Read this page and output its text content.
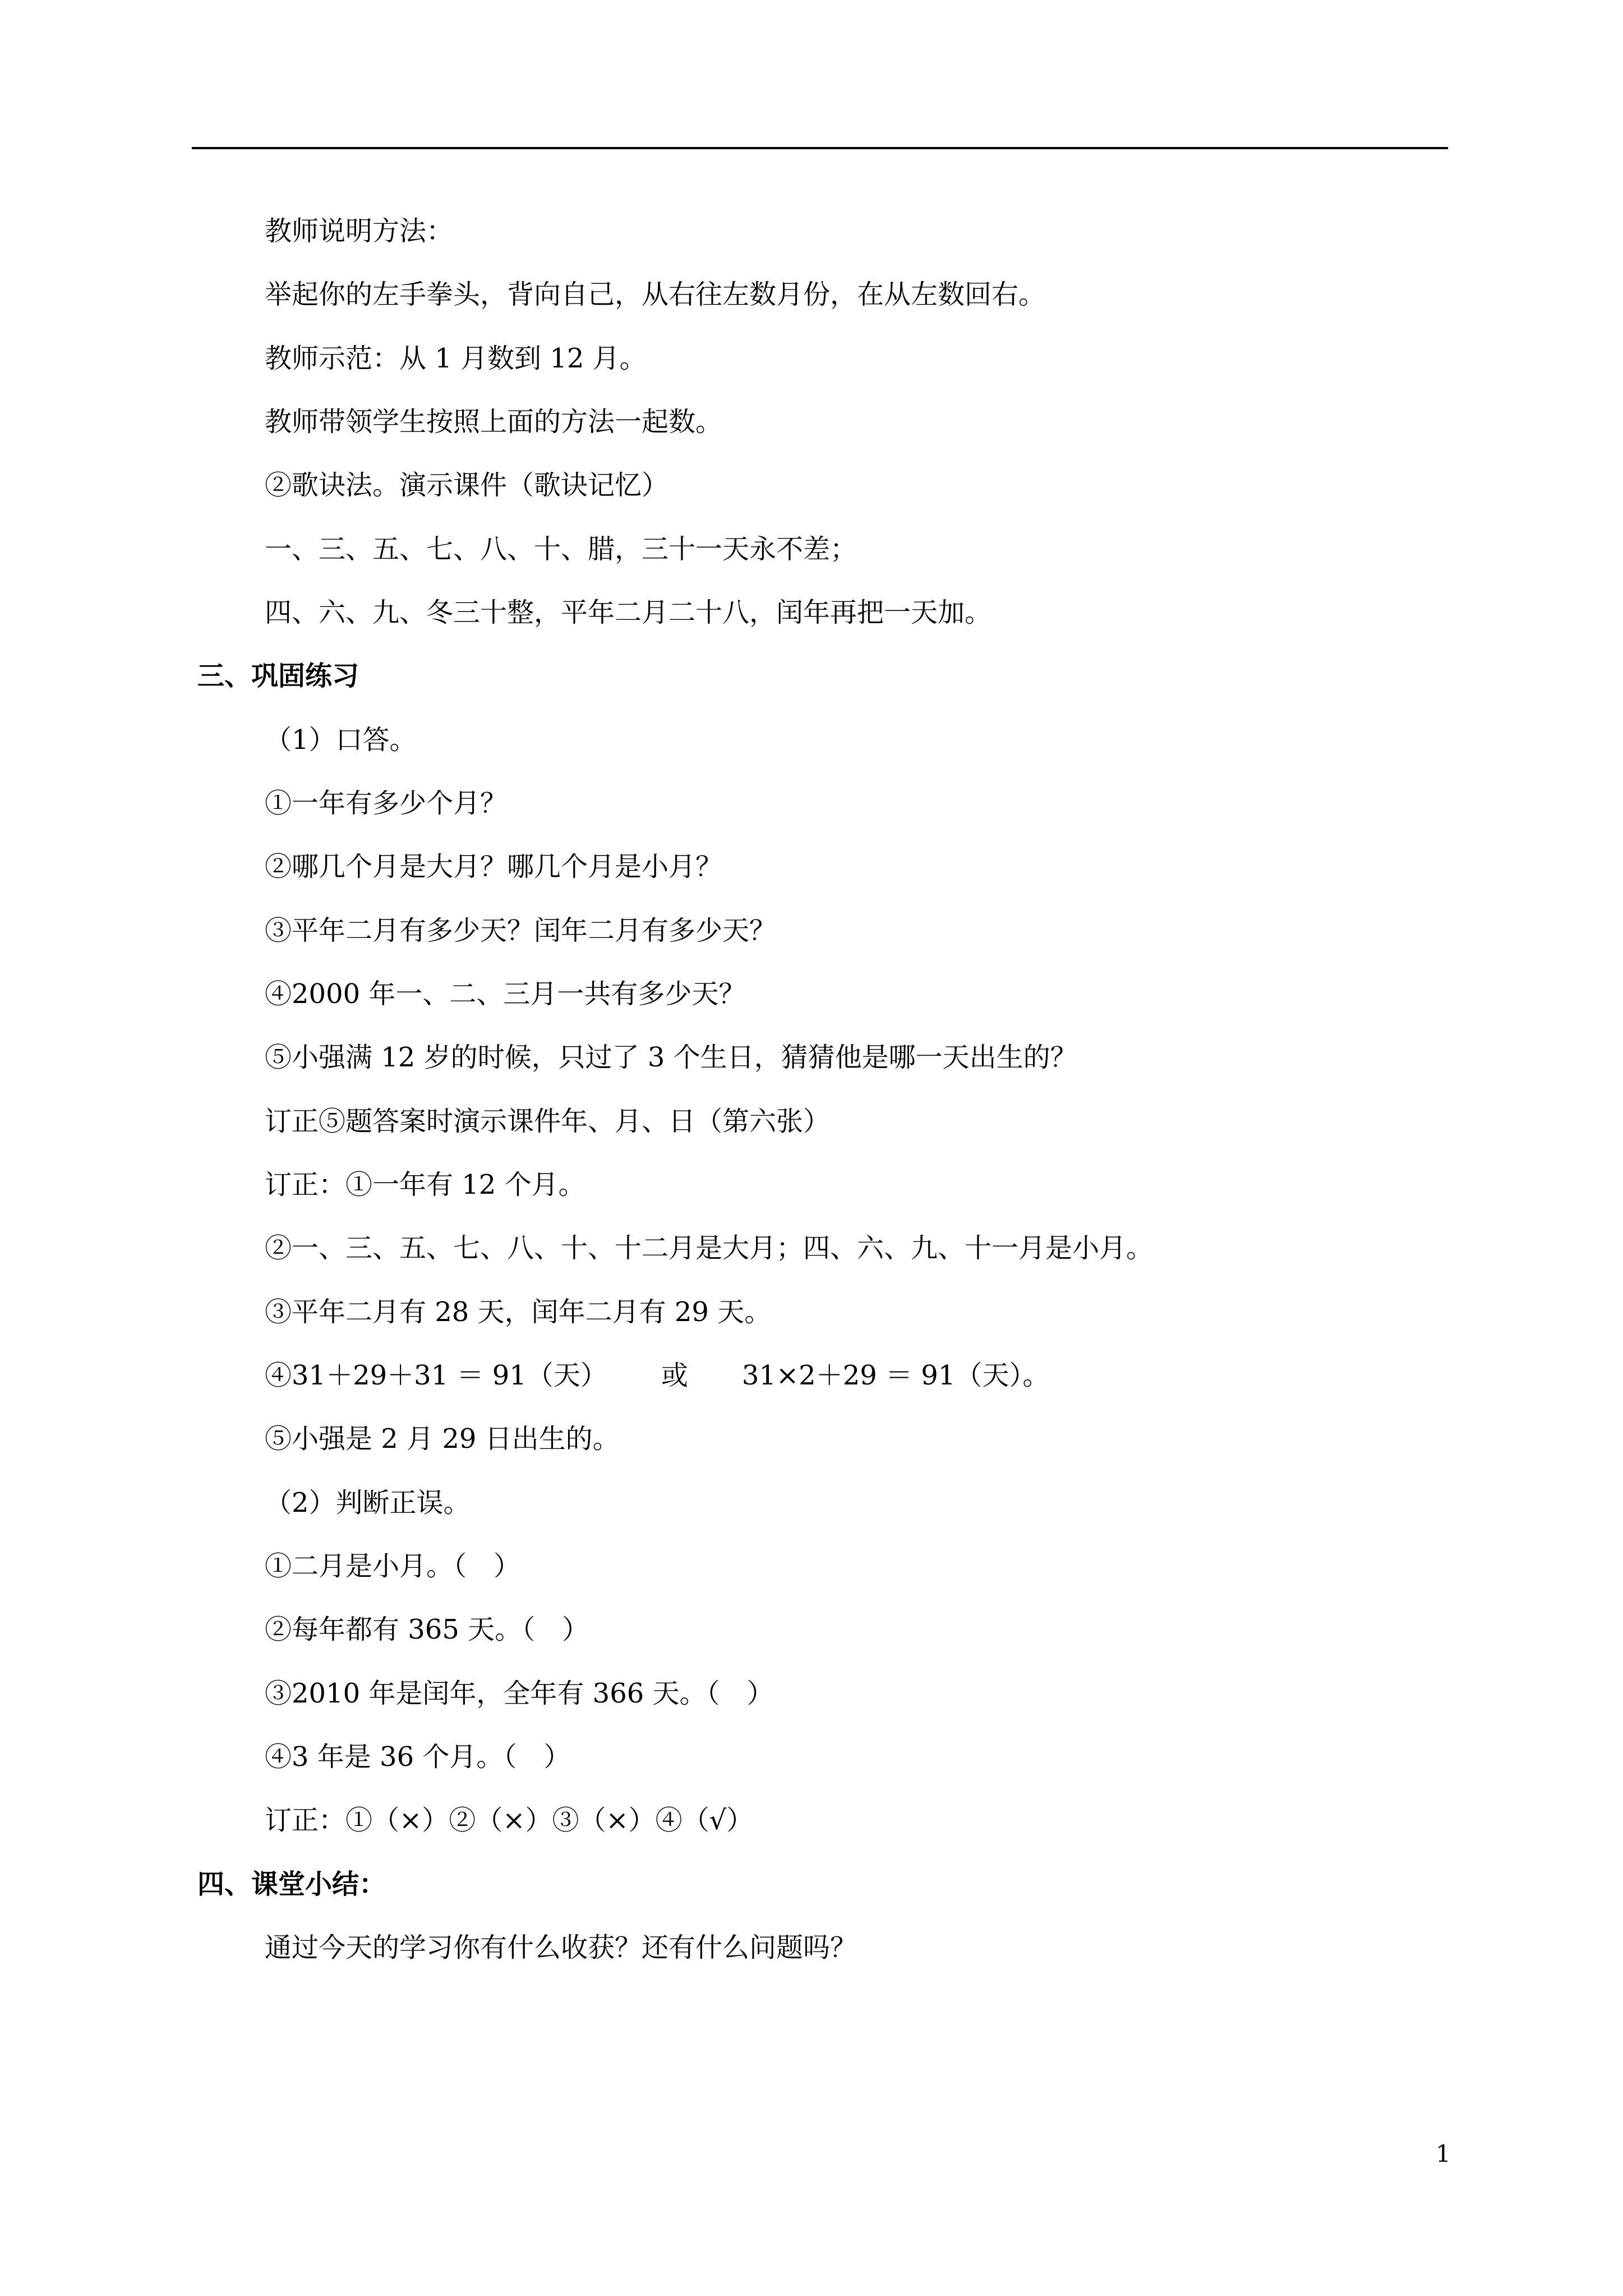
教师说明方法：
举起你的左手拳头，背向自己，从右往左数月份，在从左数回右。
教师示范：从 1 月数到 12 月。
教师带领学生按照上面的方法一起数。
②歌诀法。演示课件（歌诀记忆）
一、三、五、七、八、十、腊，三十一天永不差；
四、六、九、冬三十整，平年二月二十八，闰年再把一天加。
三、巩固练习
（1）口答。
①一年有多少个月？
②哪几个月是大月？哪几个月是小月？
③平年二月有多少天？闰年二月有多少天？
④2000 年一、二、三月一共有多少天？
⑤小强满 12 岁的时候，只过了 3 个生日，猜猜他是哪一天出生的？
订正⑤题答案时演示课件年、月、日（第六张）
订正：①一年有 12 个月。
②一、三、五、七、八、十、十二月是大月；四、六、九、十一月是小月。
③平年二月有 28 天，闰年二月有 29 天。
④31＋29＋31 ＝ 91（天） 或 31×2＋29 ＝ 91（天）。
⑤小强是 2 月 29 日出生的。
（2）判断正误。
①二月是小月。（　）
②每年都有 365 天。（　）
③2010 年是闰年，全年有 366 天。（　）
④3 年是 36 个月。（　）
订正：①（×）②（×）③（×）④（√）
四、课堂小结：
通过今天的学习你有什么收获？还有什么问题吗？
1
